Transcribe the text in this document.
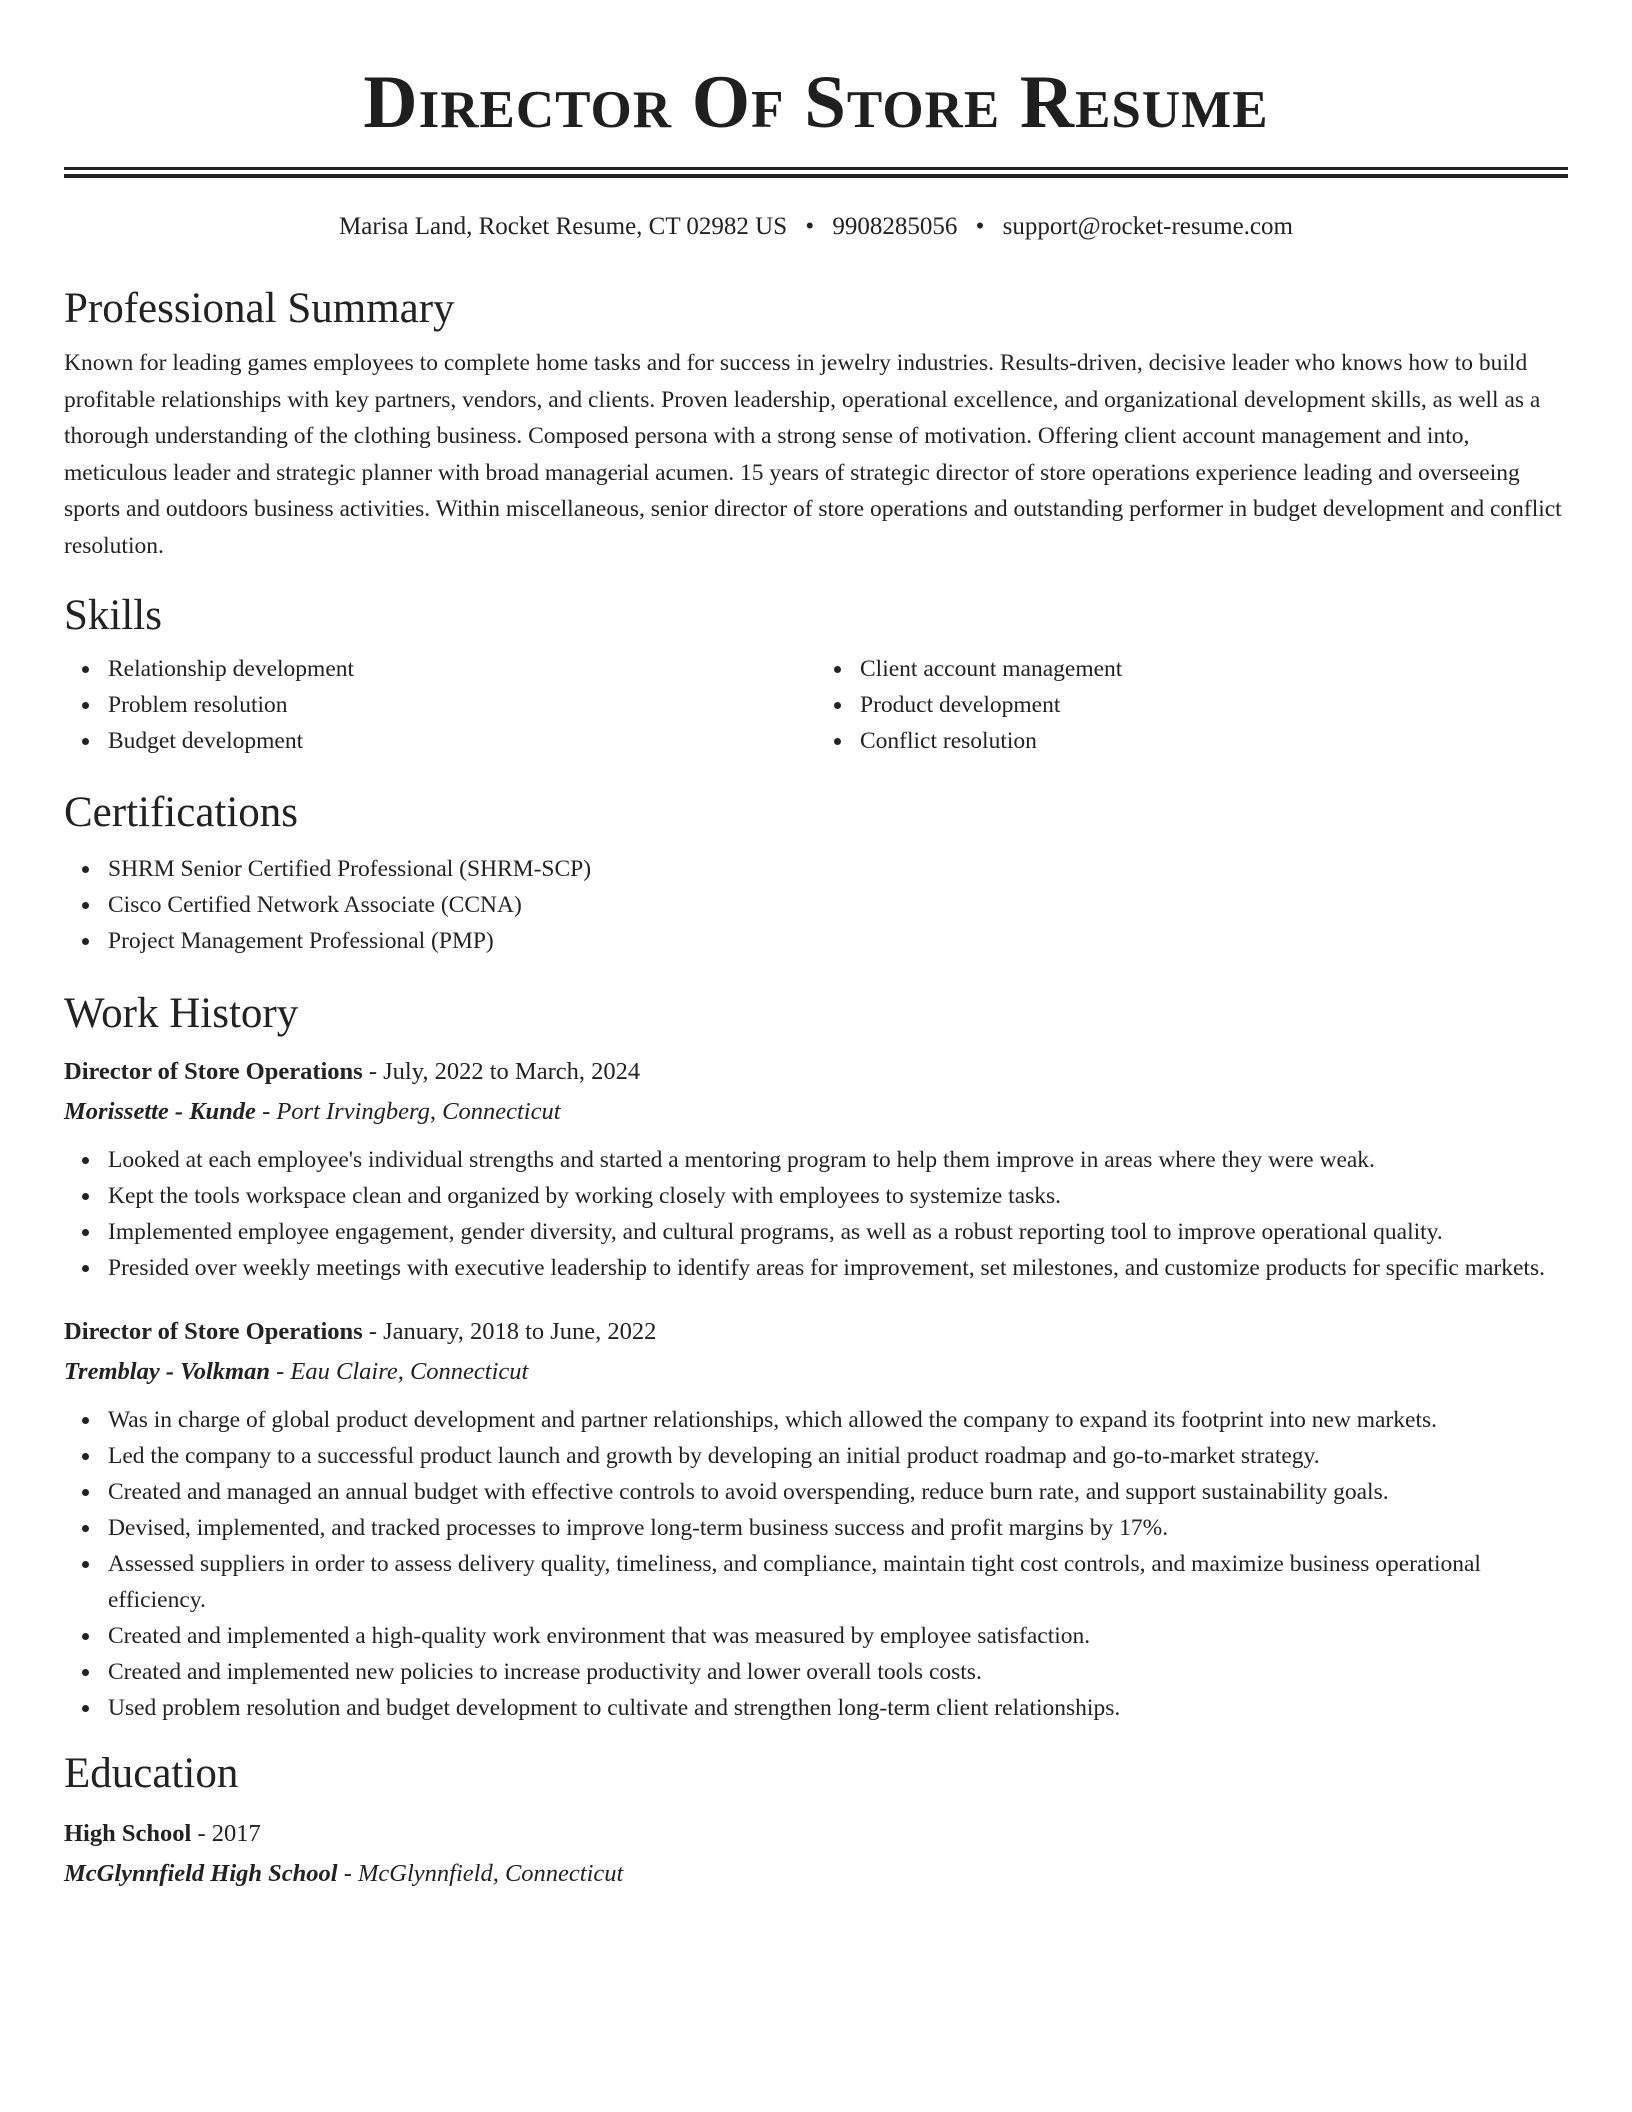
Director Of Store Resume
Marisa Land, Rocket Resume, CT 02982 US • 9908285056 • support@rocket-resume.com
Professional Summary

Known for leading games employees to complete home tasks and for success in jewelry industries. Results-driven, decisive leader who knows how to build profitable relationships with key partners, vendors, and clients. Proven leadership, operational excellence, and organizational development skills, as well as a thorough understanding of the clothing business. Composed persona with a strong sense of motivation. Offering client account management and into, meticulous leader and strategic planner with broad managerial acumen. 15 years of strategic director of store operations experience leading and overseeing sports and outdoors business activities. Within miscellaneous, senior director of store operations and outstanding performer in budget development and conflict resolution.

Skills
Relationship development
Problem resolution
Budget development
Client account management
Product development
Conflict resolution
Certifications
SHRM Senior Certified Professional (SHRM-SCP)
Cisco Certified Network Associate (CCNA)
Project Management Professional (PMP)
Work History
Director of Store Operations - July, 2022 to March, 2024
Morissette - Kunde - Port Irvingberg, Connecticut
Looked at each employee's individual strengths and started a mentoring program to help them improve in areas where they were weak.
Kept the tools workspace clean and organized by working closely with employees to systemize tasks.
Implemented employee engagement, gender diversity, and cultural programs, as well as a robust reporting tool to improve operational quality.
Presided over weekly meetings with executive leadership to identify areas for improvement, set milestones, and customize products for specific markets.
Director of Store Operations - January, 2018 to June, 2022
Tremblay - Volkman - Eau Claire, Connecticut
Was in charge of global product development and partner relationships, which allowed the company to expand its footprint into new markets.
Led the company to a successful product launch and growth by developing an initial product roadmap and go-to-market strategy.
Created and managed an annual budget with effective controls to avoid overspending, reduce burn rate, and support sustainability goals.
Devised, implemented, and tracked processes to improve long-term business success and profit margins by 17%.
Assessed suppliers in order to assess delivery quality, timeliness, and compliance, maintain tight cost controls, and maximize business operational efficiency.
Created and implemented a high-quality work environment that was measured by employee satisfaction.
Created and implemented new policies to increase productivity and lower overall tools costs.
Used problem resolution and budget development to cultivate and strengthen long-term client relationships.
Education
High School - 2017
McGlynnfield High School - McGlynnfield, Connecticut
